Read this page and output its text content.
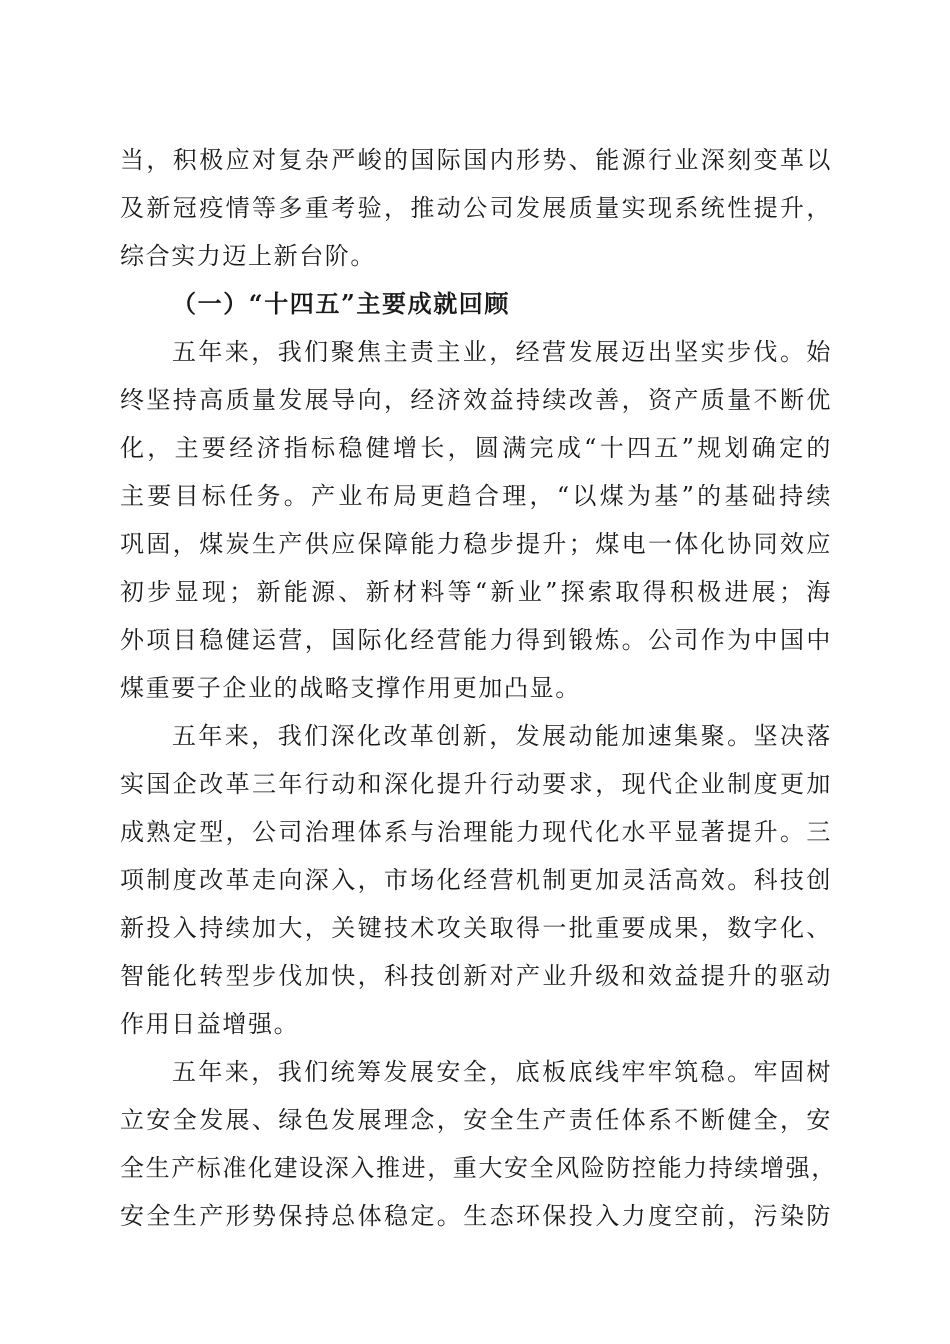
当，积极应对复杂严峻的国际国内形势、能源行业深刻变革以
及新冠疫情等多重考验，推动公司发展质量实现系统性提升，
综合实力迈上新台阶。
（一）“十四五”主要成就回顾
五年来，我们聚焦主责主业，经营发展迈出坚实步伐。始
终坚持高质量发展导向，经济效益持续改善，资产质量不断优
化，主要经济指标稳健增长，圆满完成“十四五”规划确定的
主要目标任务。产业布局更趋合理，“以煤为基”的基础持续
巩固，煤炭生产供应保障能力稳步提升；煤电一体化协同效应
初步显现；新能源、新材料等“新业”探索取得积极进展；海
外项目稳健运营，国际化经营能力得到锻炼。公司作为中国中
煤重要子企业的战略支撑作用更加凸显。
五年来，我们深化改革创新，发展动能加速集聚。坚决落
实国企改革三年行动和深化提升行动要求，现代企业制度更加
成熟定型，公司治理体系与治理能力现代化水平显著提升。三
项制度改革走向深入，市场化经营机制更加灵活高效。科技创
新投入持续加大，关键技术攻关取得一批重要成果，数字化、
智能化转型步伐加快，科技创新对产业升级和效益提升的驱动
作用日益增强。
五年来，我们统筹发展安全，底板底线牢牢筑稳。牢固树
立安全发展、绿色发展理念，安全生产责任体系不断健全，安
全生产标准化建设深入推进，重大安全风险防控能力持续增强，
安全生产形势保持总体稳定。生态环保投入力度空前，污染防
